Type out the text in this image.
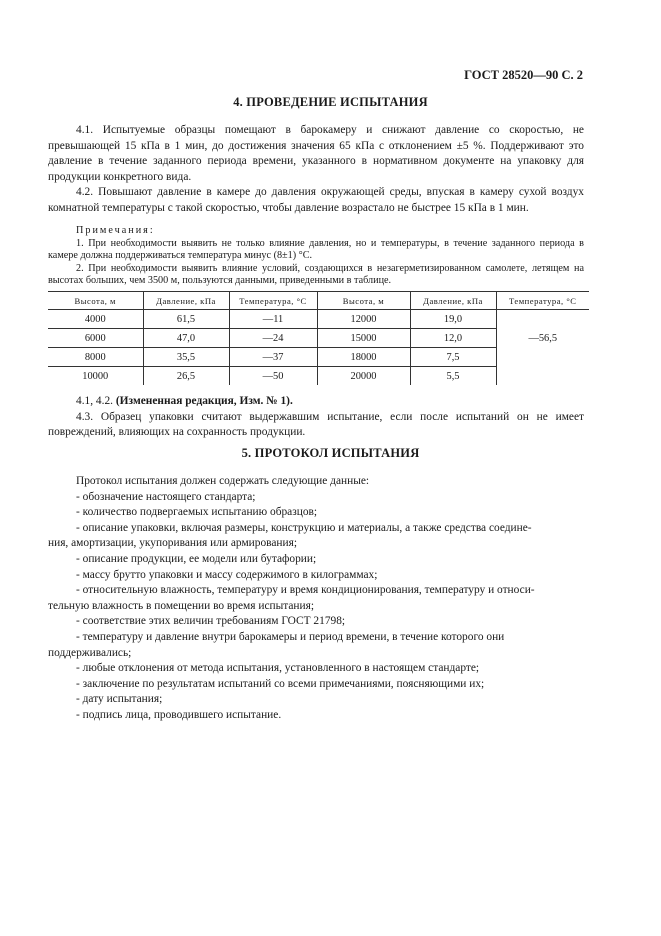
ГОСТ 28520—90 С. 2
4. ПРОВЕДЕНИЕ ИСПЫТАНИЯ

4.1. Испытуемые образцы помещают в барокамеру и снижают давление со скоростью, не превышающей 15 кПа в 1 мин, до достижения значения 65 кПа с отклонением ±5 %. Поддерживают это давление в течение заданного периода времени, указанного в нормативном документе на упаковку для продукции конкретного вида.

4.2. Повышают давление в камере до давления окружающей среды, впуская в камеру сухой воздух комнатной температуры с такой скоростью, чтобы давление возрастало не быстрее 15 кПа в 1 мин.

Примечания:

1. При необходимости выявить не только влияние давления, но и температуры, в течение заданного периода в камере должна поддерживаться температура минус (8±1) °С.

2. При необходимости выявить влияние условий, создающихся в незагерметизированном самолете, летящем на высотах больших, чем 3500 м, пользуются данными, приведенными в таблице.

Высота, м	Давление, кПа	Температура, °С	Высота, м	Давление, кПа	Температура, °С
4000	61,5	—11	12000	19,0	—56,5
6000	47,0	—24	15000	12,0	
8000	35,5	—37	18000	7,5	
10000	26,5	—50	20000	5,5	

4.1, 4.2. (Измененная редакция, Изм. № 1).

4.3. Образец упаковки считают выдержавшим испытание, если после испытаний он не имеет повреждений, влияющих на сохранность продукции.

5. ПРОТОКОЛ ИСПЫТАНИЯ

Протокол испытания должен содержать следующие данные:

- обозначение настоящего стандарта;

- количество подвергаемых испытанию образцов;

- описание упаковки, включая размеры, конструкцию и материалы, а также средства соедине-

ния, амортизации, укупоривания или армирования;

- описание продукции, ее модели или бутафории;

- массу брутто упаковки и массу содержимого в килограммах;

- относительную влажность, температуру и время кондиционирования, температуру и относи-

тельную влажность в помещении во время испытания;

- соответствие этих величин требованиям ГОСТ 21798;

- температуру и давление внутри барокамеры и период времени, в течение которого они

поддерживались;

- любые отклонения от метода испытания, установленного в настоящем стандарте;

- заключение по результатам испытаний со всеми примечаниями, поясняющими их;

- дату испытания;

- подпись лица, проводившего испытание.
